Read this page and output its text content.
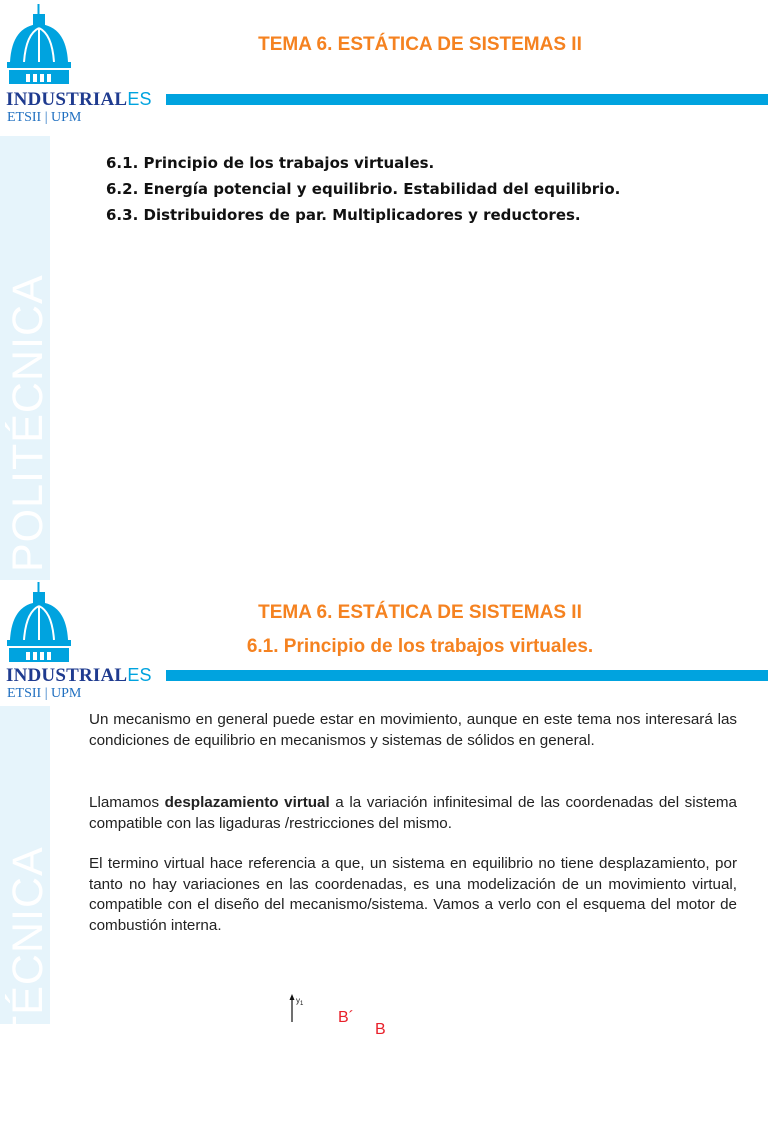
POLITÉCNICA
INDUSTRIALES
ETSII | UPM
TEMA 6. ESTÁTICA DE SISTEMAS II
6.1. Principio de los trabajos virtuales.
6.2. Energía potencial y equilibrio. Estabilidad del equilibrio.
6.3. Distribuidores de par. Multiplicadores y reductores.
POLITÉCNICA
INDUSTRIALES
ETSII | UPM
TEMA 6. ESTÁTICA DE SISTEMAS II
6.1. Principio de los trabajos virtuales.
Un mecanismo en general puede estar en movimiento, aunque en este tema nos interesará las condiciones de equilibrio en mecanismos y sistemas de sólidos en general.
Llamamos desplazamiento virtual a la variación infinitesimal de las coordenadas del sistema compatible con las ligaduras /restricciones del mismo.
El termino virtual hace referencia a que, un sistema en equilibrio no tiene desplazamiento, por tanto no hay variaciones en las coordenadas, es una modelización de un movimiento virtual, compatible con el diseño del mecanismo/sistema. Vamos a verlo con el esquema del motor de combustión interna.
$y_1$
B´
B
